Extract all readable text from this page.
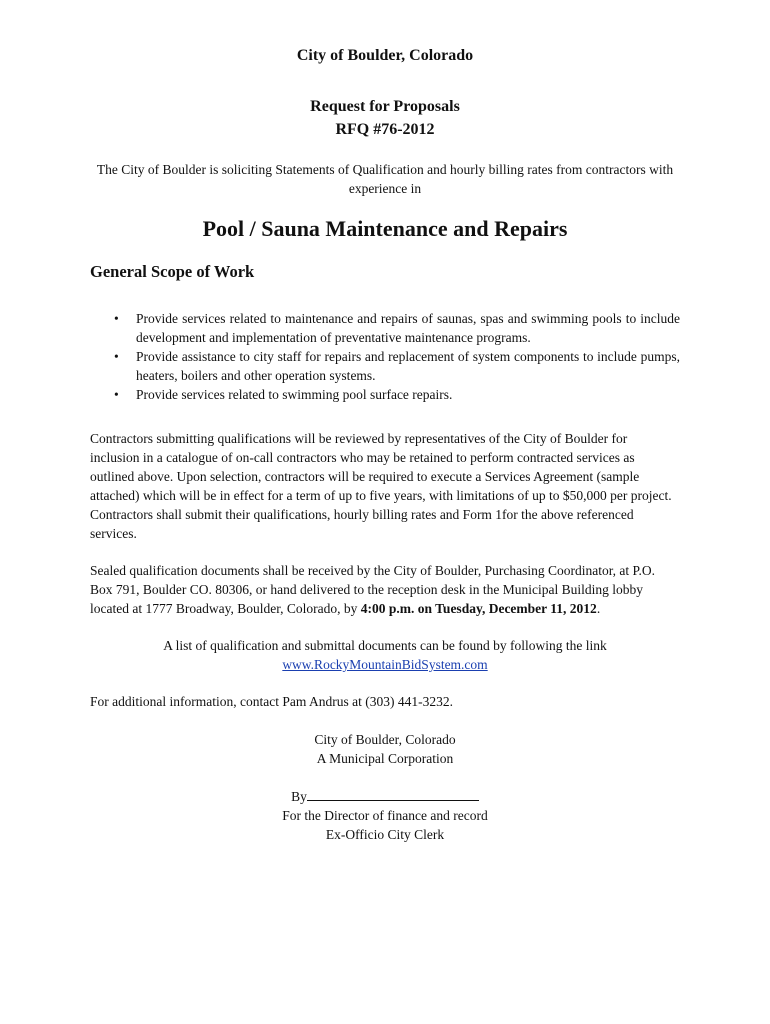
City of Boulder, Colorado
Request for Proposals
RFQ #76-2012
The City of Boulder is soliciting Statements of Qualification and hourly billing rates from contractors with experience in
Pool / Sauna Maintenance and Repairs
General Scope of Work
• Provide services related to maintenance and repairs of saunas, spas and swimming pools to include development and implementation of preventative maintenance programs.
• Provide assistance to city staff for repairs and replacement of system components to include pumps, heaters, boilers and other operation systems.
• Provide services related to swimming pool surface repairs.
Contractors submitting qualifications will be reviewed by representatives of the City of Boulder for inclusion in a catalogue of on-call contractors who may be retained to perform contracted services as outlined above. Upon selection, contractors will be required to execute a Services Agreement (sample attached) which will be in effect for a term of up to five years, with limitations of up to $50,000 per project. Contractors shall submit their qualifications, hourly billing rates and Form 1for the above referenced services.
Sealed qualification documents shall be received by the City of Boulder, Purchasing Coordinator, at P.O. Box 791, Boulder CO. 80306, or hand delivered to the reception desk in the Municipal Building lobby located at 1777 Broadway, Boulder, Colorado, by 4:00 p.m. on Tuesday, December 11, 2012.
A list of qualification and submittal documents can be found by following the link
www.RockyMountainBidSystem.com
For additional information, contact Pam Andrus at (303) 441-3232.
City of Boulder, Colorado
A Municipal Corporation
By
For the Director of finance and record
Ex-Officio City Clerk
